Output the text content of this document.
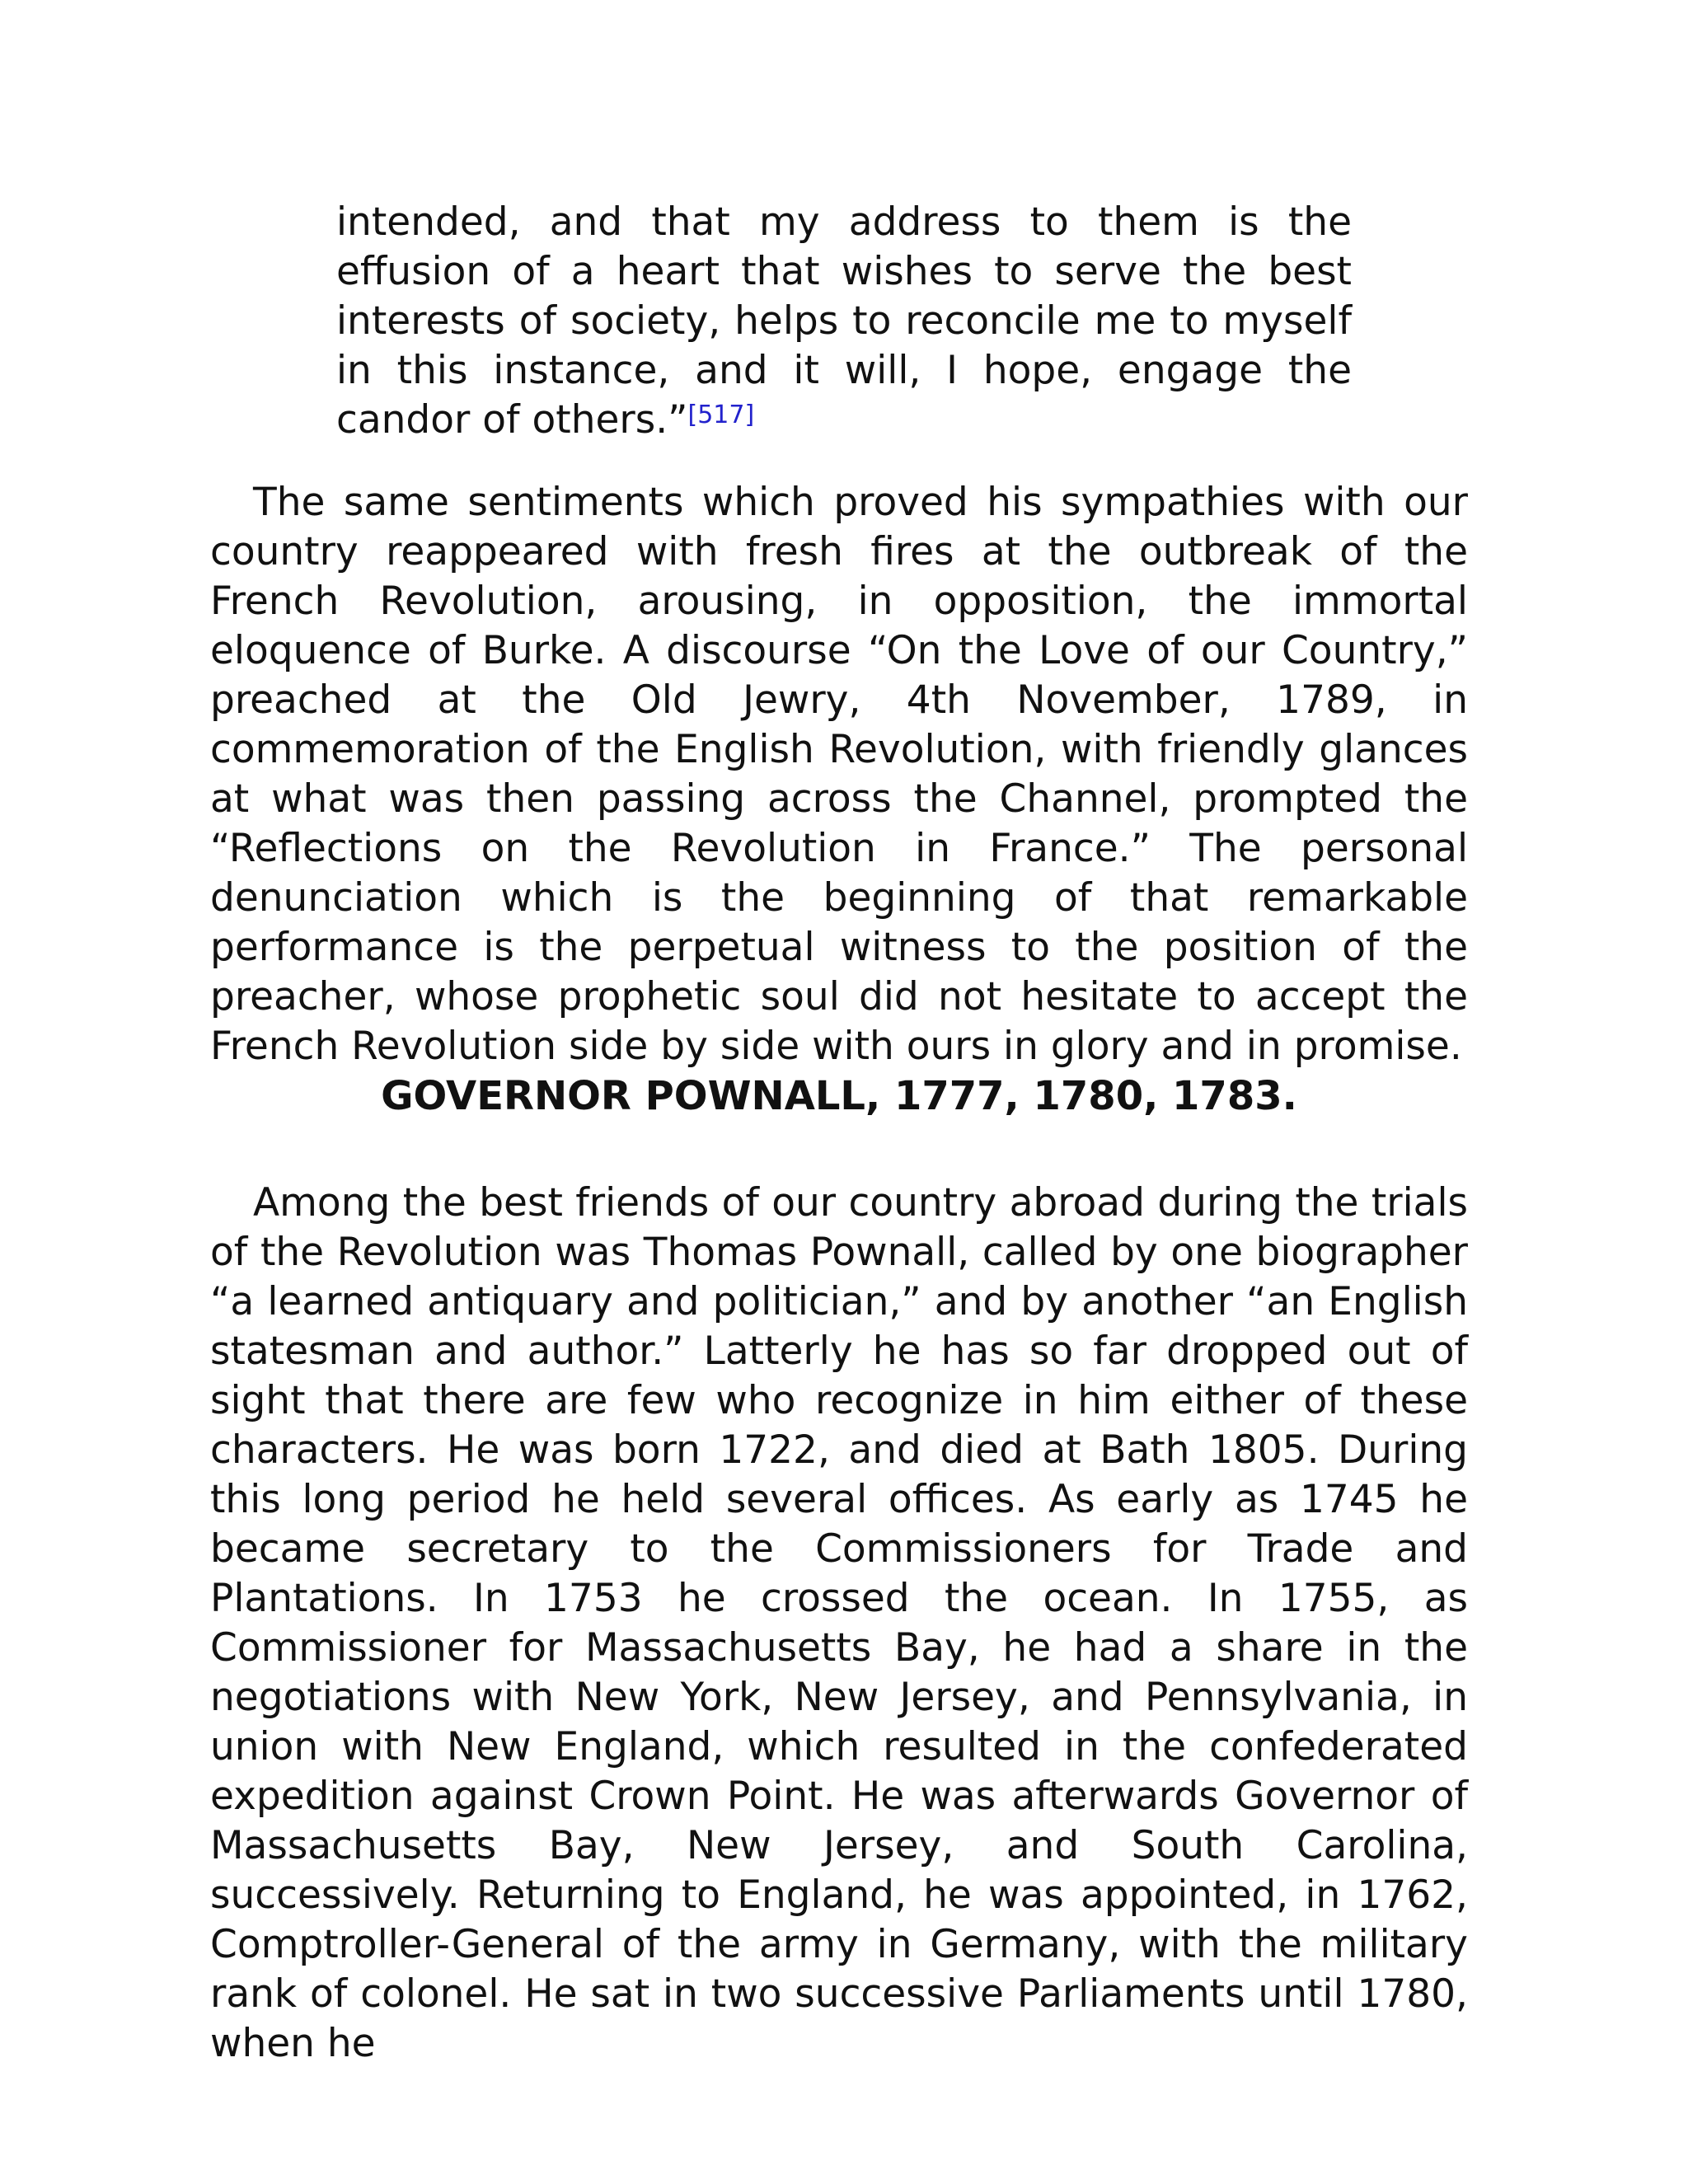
intended, and that my address to them is the effusion of a heart that wishes to serve the best interests of society, helps to reconcile me to myself in this instance, and it will, I hope, engage the candor of others.”[517]

The same sentiments which proved his sympathies with our country reappeared with fresh fires at the outbreak of the French Revolution, arousing, in opposition, the immortal eloquence of Burke. A discourse “On the Love of our Country,” preached at the Old Jewry, 4th November, 1789, in commemoration of the English Revolution, with friendly glances at what was then passing across the Channel, prompted the “Reflections on the Revolution in France.” The personal denunciation which is the beginning of that remarkable performance is the perpetual witness to the position of the preacher, whose prophetic soul did not hesitate to accept the French Revolution side by side with ours in glory and in promise.

GOVERNOR POWNALL, 1777, 1780, 1783.

Among the best friends of our country abroad during the trials of the Revolution was Thomas Pownall, called by one biographer “a learned antiquary and politician,” and by another “an English statesman and author.” Latterly he has so far dropped out of sight that there are few who recognize in him either of these characters. He was born 1722, and died at Bath 1805. During this long period he held several offices. As early as 1745 he became secretary to the Commissioners for Trade and Plantations. In 1753 he crossed the ocean. In 1755, as Commissioner for Massachusetts Bay, he had a share in the negotiations with New York, New Jersey, and Pennsylvania, in union with New England, which resulted in the confederated expedition against Crown Point. He was afterwards Governor of Massachusetts Bay, New Jersey, and South Carolina, successively. Returning to England, he was appointed, in 1762, Comptroller-General of the army in Germany, with the military rank of colonel. He sat in two successive Parliaments until 1780, when he
